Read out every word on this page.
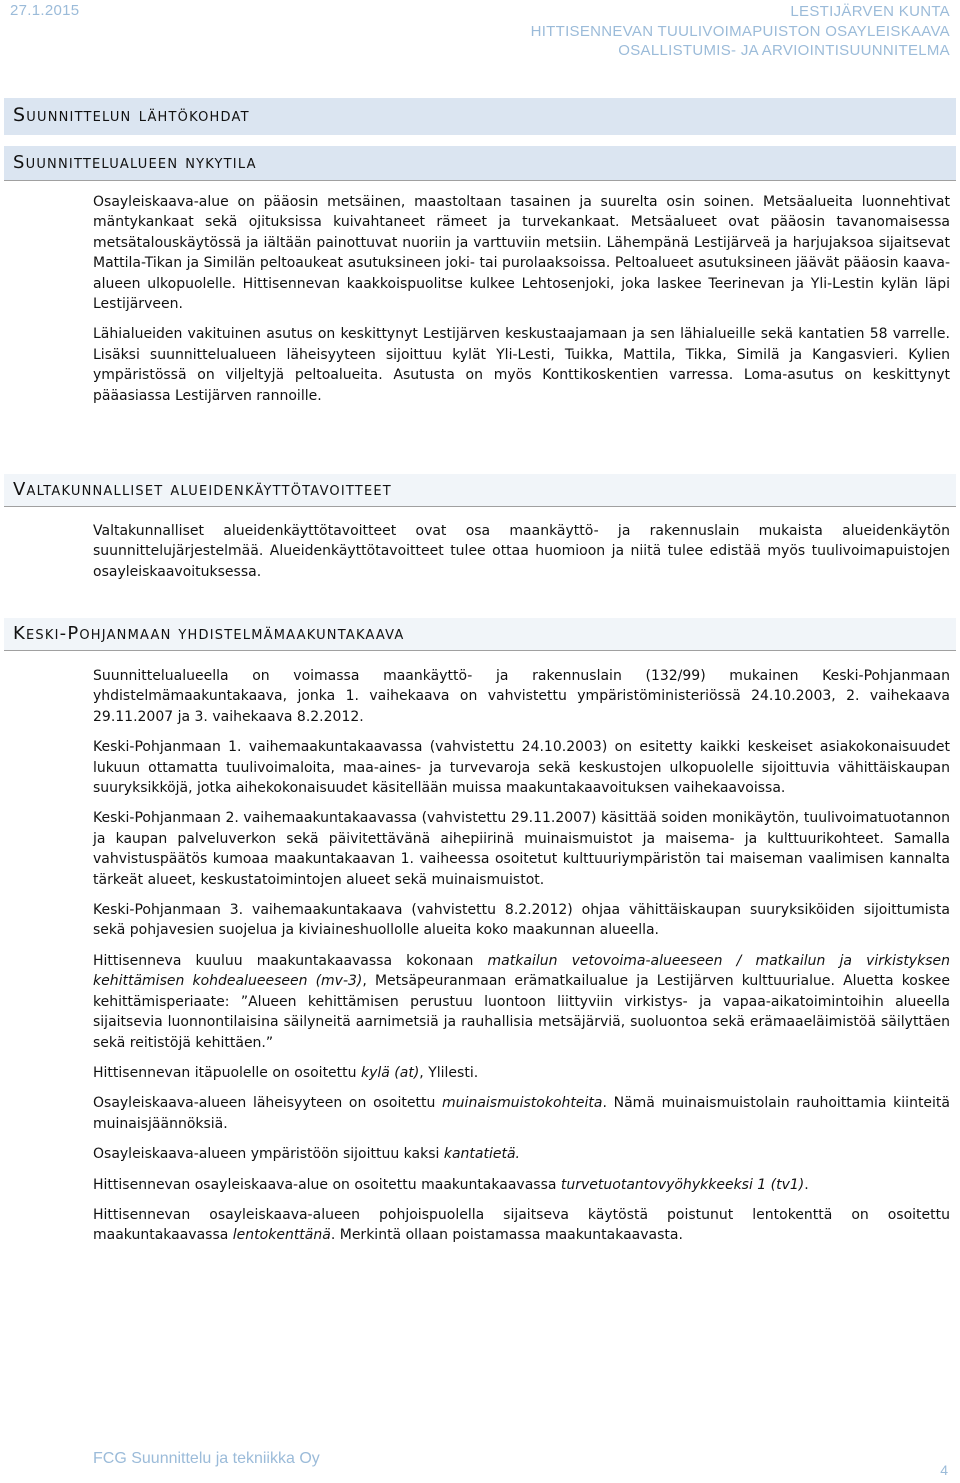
27.1.2015	LESTIJÄRVEN KUNTA
HITTISENNEVAN TUULIVOIMAPUISTON OSAYLEISKAAVA
OSALLISTUMIS- JA ARVIOINTISUUNNITELMA
Suunnittelun lähtökohdat
Suunnittelualueen nykytila

Osayleiskaava-alue on pääosin metsäinen, maastoltaan tasainen ja suurelta osin soinen. Metsäalueita luonnehtivat mäntykankaat sekä ojituksissa kuivahtaneet rämeet ja turvekankaat. Metsäalueet ovat pääosin tavanomaisessa metsätalouskäytössä ja iältään painottuvat nuoriin ja varttuviin metsiin. Lähempänä Lestijärveä ja harjujaksoa sijaitsevat Mattila-Tikan ja Similän peltoaukeat asutuksineen joki- tai purolaaksoissa. Peltoalueet asutuksineen jäävät pääosin kaava-alueen ulkopuolelle. Hittisennevan kaakkoispuolitse kulkee Lehtosenjoki, joka laskee Teerinevan ja Yli-Lestin kylän läpi Lestijärveen.

Lähialueiden vakituinen asutus on keskittynyt Lestijärven keskustaajamaan ja sen lähialueille sekä kantatien 58 varrelle. Lisäksi suunnittelualueen läheisyyteen sijoittuu kylät Yli-Lesti, Tuikka, Mattila, Tikka, Similä ja Kangasvieri. Kylien ympäristössä on viljeltyjä peltoalueita. Asutusta on myös Konttikoskentien varressa. Loma-asutus on keskittynyt pääasiassa Lestijärven rannoille.

Valtakunnalliset alueidenkäyttötavoitteet

Valtakunnalliset alueidenkäyttötavoitteet ovat osa maankäyttö- ja rakennuslain mukaista alueidenkäytön suunnittelujärjestelmää. Alueidenkäyttötavoitteet tulee ottaa huomioon ja niitä tulee edistää myös tuulivoimapuistojen osayleiskaavoituksessa.

Keski-Pohjanmaan yhdistelmämaakuntakaava

Suunnittelualueella on voimassa maankäyttö- ja rakennuslain (132/99) mukainen Keski-Pohjanmaan yhdistelmämaakuntakaava, jonka 1. vaihekaava on vahvistettu ympäristöministeriössä 24.10.2003, 2. vaihekaava 29.11.2007 ja 3. vaihekaava 8.2.2012.

Keski-Pohjanmaan 1. vaihemaakuntakaavassa (vahvistettu 24.10.2003) on esitetty kaikki keskeiset asiakokonaisuudet lukuun ottamatta tuulivoimaloita, maa-aines- ja turvevaroja sekä keskustojen ulkopuolelle sijoittuvia vähittäiskaupan suuryksikköjä, jotka aihekokonaisuudet käsitellään muissa maakuntakaavoituksen vaihekaavoissa.

Keski-Pohjanmaan 2. vaihemaakuntakaavassa (vahvistettu 29.11.2007) käsittää soiden monikäytön, tuulivoimatuotannon ja kaupan palveluverkon sekä päivitettävänä aihepiirinä muinaismuistot ja maisema- ja kulttuurikohteet. Samalla vahvistuspäätös kumoaa maakuntakaavan 1. vaiheessa osoitetut kulttuuriympäristön tai maiseman vaalimisen kannalta tärkeät alueet, keskustatoimintojen alueet sekä muinaismuistot.

Keski-Pohjanmaan 3. vaihemaakuntakaava (vahvistettu 8.2.2012) ohjaa vähittäiskaupan suuryksiköiden sijoittumista sekä pohjavesien suojelua ja kiviaineshuollolle alueita koko maakunnan alueella.

Hittisenneva kuuluu maakuntakaavassa kokonaan matkailun vetovoima-alueeseen / matkailun ja virkistyksen kehittämisen kohdealueeseen (mv-3), Metsäpeuranmaan erämatkailualue ja Lestijärven kulttuurialue. Aluetta koskee kehittämisperiaate: ”Alueen kehittämisen perustuu luontoon liittyviin virkistys- ja vapaa-aikatoimintoihin alueella sijaitsevia luonnontilaisina säilyneitä aarnimetsiä ja rauhallisia metsäjärviä, suoluontoa sekä erämaaeläimistöä säilyttäen sekä reitistöjä kehittäen.”

Hittisennevan itäpuolelle on osoitettu kylä (at), Ylilesti.

Osayleiskaava-alueen läheisyyteen on osoitettu muinaismuistokohteita. Nämä muinaismuistolain rauhoittamia kiinteitä muinaisjäännöksiä.

Osayleiskaava-alueen ympäristöön sijoittuu kaksi kantatietä.

Hittisennevan osayleiskaava-alue on osoitettu maakuntakaavassa turvetuotantovyöhykkeeksi 1 (tv1).

Hittisennevan osayleiskaava-alueen pohjoispuolella sijaitseva käytöstä poistunut lentokenttä on osoitettu maakuntakaavassa lentokenttänä. Merkintä ollaan poistamassa maakuntakaavasta.

FCG Suunnittelu ja tekniikka Oy
4
